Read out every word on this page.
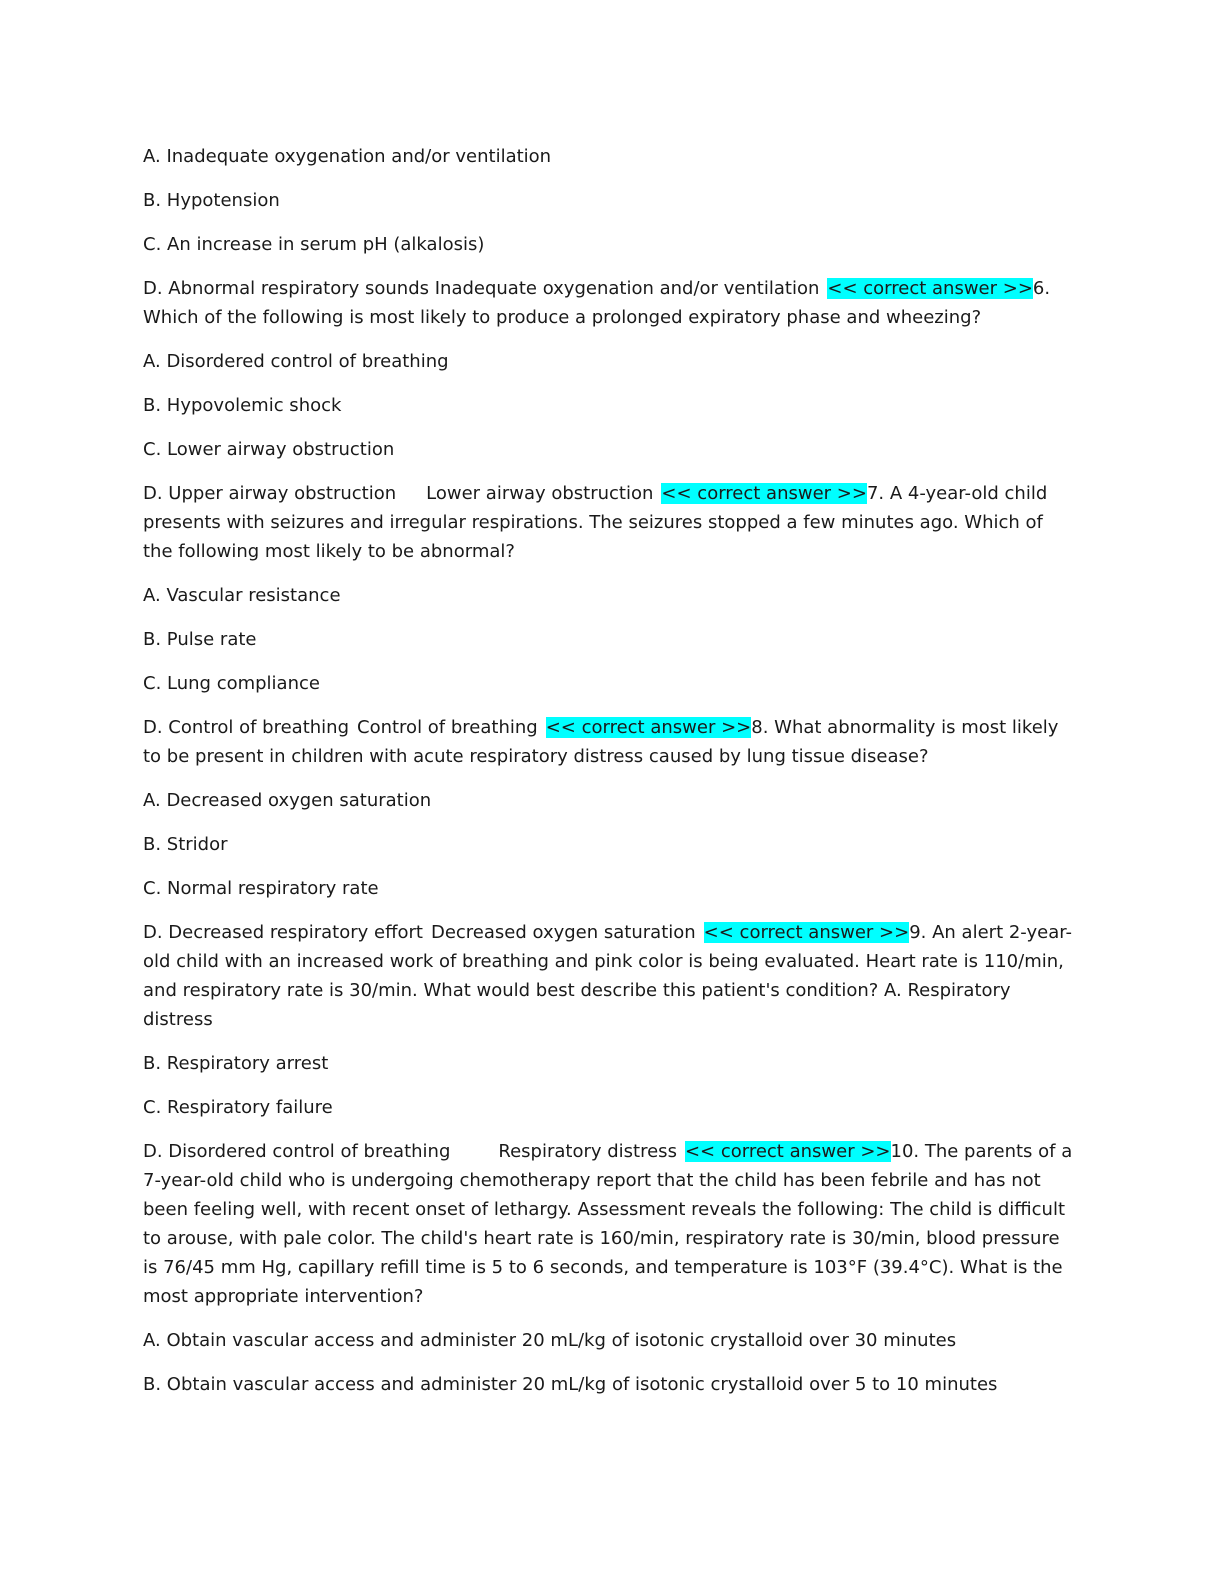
A. Inadequate oxygenation and/or ventilation

B. Hypotension

C. An increase in serum pH (alkalosis)

D. Abnormal respiratory sounds Inadequate oxygenation and/or ventilation << correct answer >>6. Which of the following is most likely to produce a prolonged expiratory phase and wheezing?

A. Disordered control of breathing

B. Hypovolemic shock

C. Lower airway obstruction

D. Upper airway obstruction Lower airway obstruction << correct answer >>7. A 4-year-old child presents with seizures and irregular respirations. The seizures stopped a few minutes ago. Which of the following most likely to be abnormal?

A. Vascular resistance

B. Pulse rate

C. Lung compliance

D. Control of breathing Control of breathing << correct answer >>8. What abnormality is most likely to be present in children with acute respiratory distress caused by lung tissue disease?

A. Decreased oxygen saturation

B. Stridor

C. Normal respiratory rate

D. Decreased respiratory effort Decreased oxygen saturation << correct answer >>9. An alert 2-year-old child with an increased work of breathing and pink color is being evaluated. Heart rate is 110/min, and respiratory rate is 30/min. What would best describe this patient's condition? A. Respiratory distress

B. Respiratory arrest

C. Respiratory failure

D. Disordered control of breathing	Respiratory distress << correct answer >>10. The parents of a 7-year-old child who is undergoing chemotherapy report that the child has been febrile and has not been feeling well, with recent onset of lethargy. Assessment reveals the following: The child is difficult to arouse, with pale color. The child's heart rate is 160/min, respiratory rate is 30/min, blood pressure is 76/45 mm Hg, capillary refill time is 5 to 6 seconds, and temperature is 103°F (39.4°C). What is the most appropriate intervention?

A. Obtain vascular access and administer 20 mL/kg of isotonic crystalloid over 30 minutes

B. Obtain vascular access and administer 20 mL/kg of isotonic crystalloid over 5 to 10 minutes
